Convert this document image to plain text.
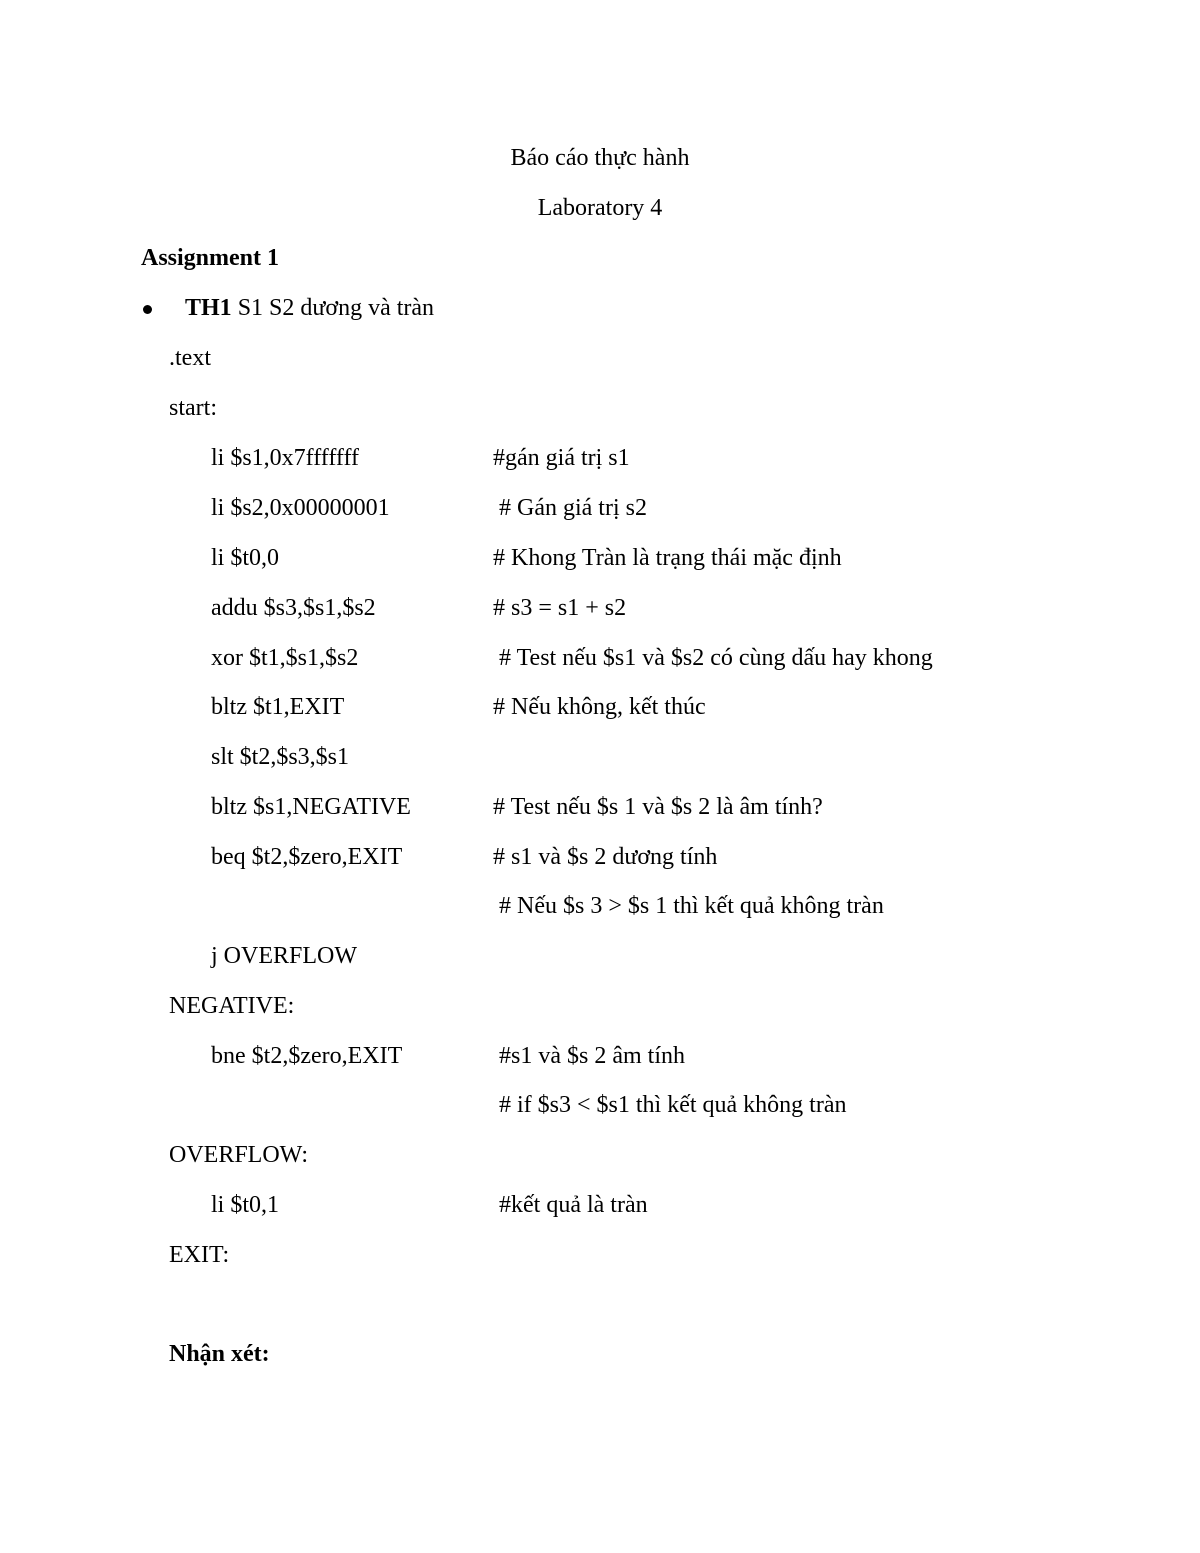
Báo cáo thực hành
Laboratory 4
Assignment 1
TH1 S1 S2 dương và tràn
.text
start:
li $s1,0x7fffffff	#gán giá trị s1
li $s2,0x00000001	# Gán giá trị s2
li $t0,0	# Khong Tràn là trạng thái mặc định
addu $s3,$s1,$s2	# s3 = s1 + s2
xor $t1,$s1,$s2	# Test nếu $s1 và $s2 có cùng dấu hay khong
bltz $t1,EXIT	# Nếu không, kết thúc
slt $t2,$s3,$s1
bltz $s1,NEGATIVE	# Test nếu $s 1 và $s 2 là âm tính?
beq $t2,$zero,EXIT	# s1 và $s 2 dương tính
# Nếu $s 3 > $s 1 thì kết quả không tràn
j OVERFLOW
NEGATIVE:
bne $t2,$zero,EXIT	#s1 và $s 2 âm tính
# if $s3 < $s1 thì kết quả không tràn
OVERFLOW:
li $t0,1	#kết quả là tràn
EXIT:
Nhận xét:
